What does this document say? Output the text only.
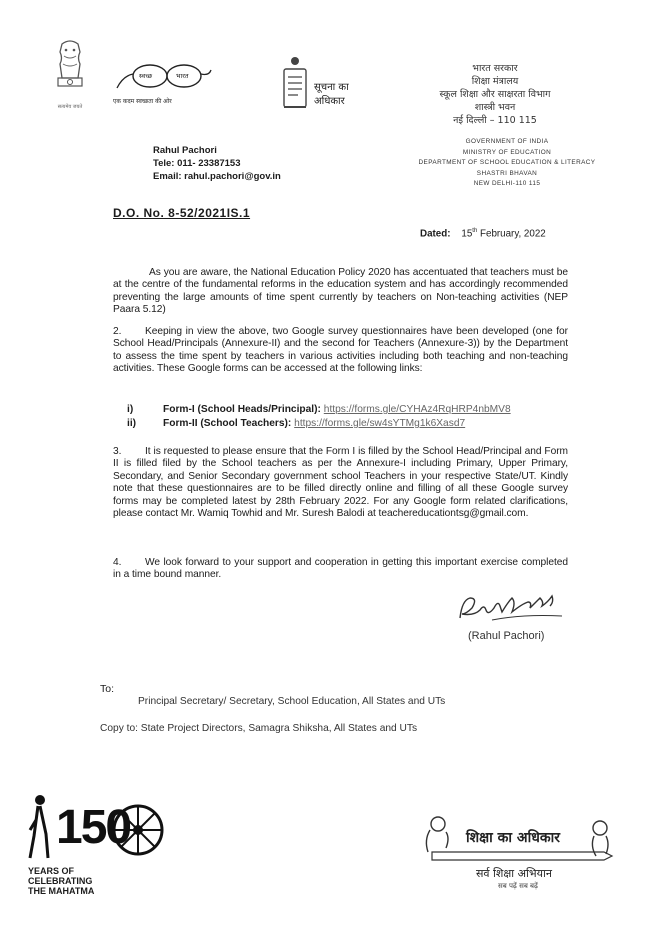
सत्यमेव जयते
स्वच्छ	भारत
एक कदम स्वच्छता की ओर
सूचना का
अधिकार
भारत सरकार
शिक्षा मंत्रालय
स्कूल शिक्षा और साक्षरता विभाग
शास्त्री भवन
नई दिल्ली – 110 115
GOVERNMENT OF INDIA
MINISTRY OF EDUCATION
DEPARTMENT OF SCHOOL EDUCATION & LITERACY
SHASTRI BHAVAN
NEW DELHI-110 115
Rahul Pachori
Tele: 011- 23387153
Email: rahul.pachori@gov.in
D.O. No. 8-52/2021IS.1
Dated: 15th February, 2022
As you are aware, the National Education Policy 2020 has accentuated that teachers must be at the centre of the fundamental reforms in the education system and has accordingly recommended preventing the large amounts of time spent currently by teachers on Non-teaching activities (NEP Paara 5.12)
2. Keeping in view the above, two Google survey questionnaires have been developed (one for School Head/Principals (Annexure-II) and the second for Teachers (Annexure-3)) by the Department to assess the time spent by teachers in various activities including both teaching and non-teaching activities. These Google forms can be accessed at the following links:
i)	Form-I (School Heads/Principal): https://forms.gle/CYHAz4RqHRP4nbMV8
ii)	Form-II (School Teachers): https://forms.gle/sw4sYTMg1k6Xasd7
3. It is requested to please ensure that the Form I is filled by the School Head/Principal and Form II is filled filed by the School teachers as per the Annexure-I including Primary, Upper Primary, Secondary, and Senior Secondary government school Teachers in your respective State/UT. Kindly note that these questionnaires are to be filled directly online and filling of all these Google survey forms may be completed latest by 28th February 2022. For any Google form related clarifications, please contact Mr. Wamiq Towhid and Mr. Suresh Balodi at teachereducationtsg@gmail.com.
4. We look forward to your support and cooperation in getting this important exercise completed in a time bound manner.
(Rahul Pachori)
To:
Principal Secretary/ Secretary, School Education, All States and UTs
Copy to: State Project Directors, Samagra Shiksha, All States and UTs
150
YEARS OF
CELEBRATING
THE MAHATMA
शिक्षा का अधिकार
सर्व शिक्षा अभियान
सब पढ़ें सब बढ़ें
